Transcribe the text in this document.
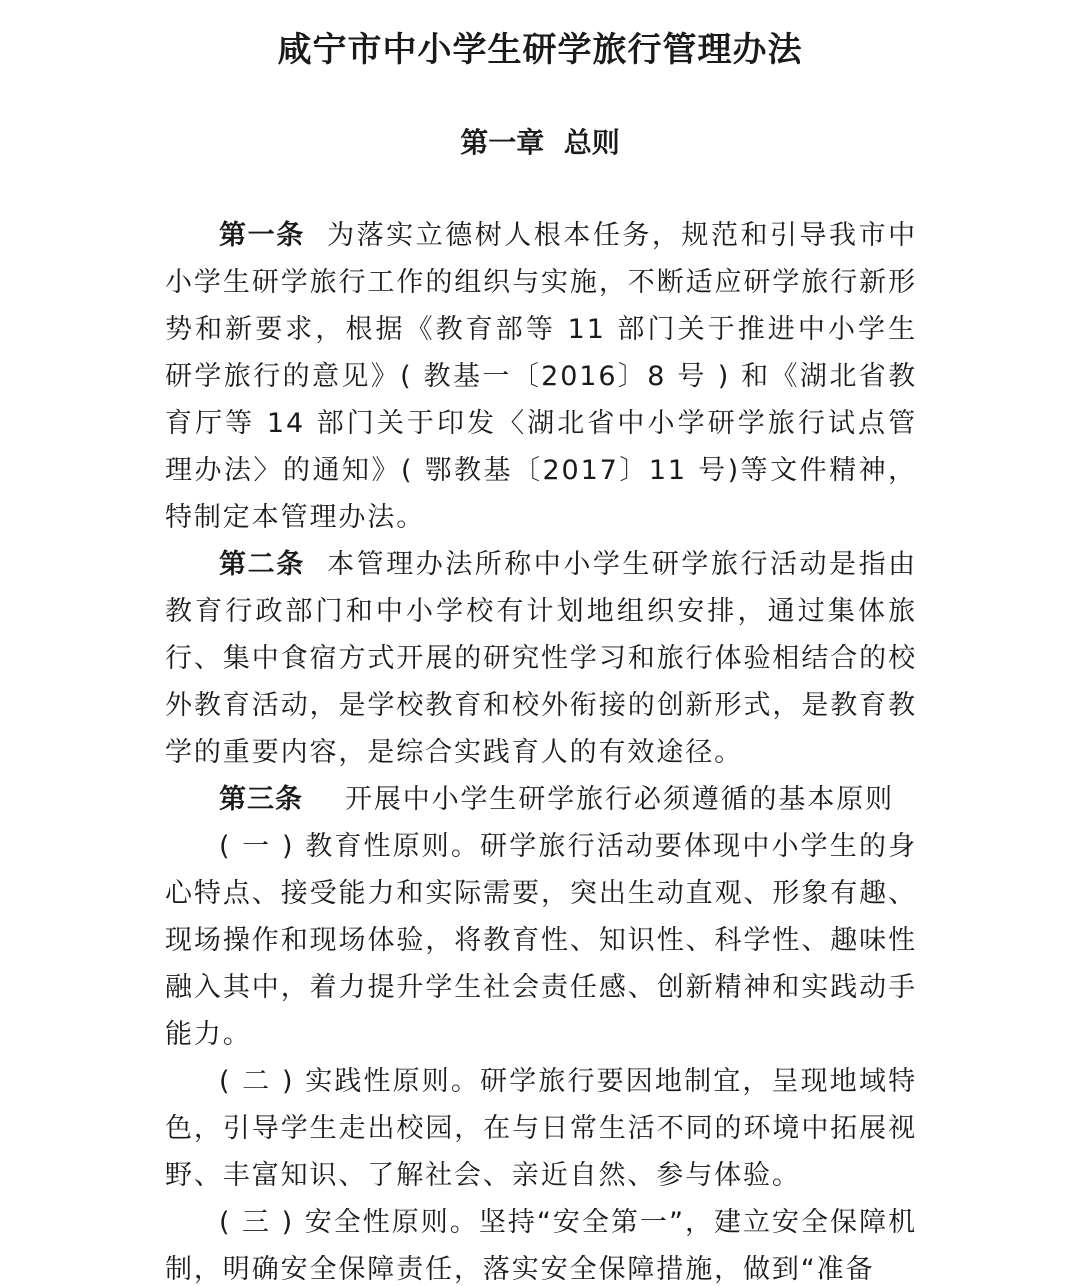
咸宁市中小学生研学旅行管理办法
第一章  总则

第一条 为落实立德树人根本任务，规范和引导我市中小学生研学旅行工作的组织与实施，不断适应研学旅行新形势和新要求，根据《教育部等 11 部门关于推进中小学生研学旅行的意见》( 教基一〔2016〕8 号 ) 和《湖北省教育厅等 14 部门关于印发〈湖北省中小学研学旅行试点管理办法〉的通知》( 鄂教基〔2017〕11 号)等文件精神，特制定本管理办法。

第二条 本管理办法所称中小学生研学旅行活动是指由教育行政部门和中小学校有计划地组织安排，通过集体旅行、集中食宿方式开展的研究性学习和旅行体验相结合的校外教育活动，是学校教育和校外衔接的创新形式，是教育教学的重要内容，是综合实践育人的有效途径。

第三条 开展中小学生研学旅行必须遵循的基本原则

( 一 ) 教育性原则。研学旅行活动要体现中小学生的身心特点、接受能力和实际需要，突出生动直观、形象有趣、现场操作和现场体验，将教育性、知识性、科学性、趣味性融入其中，着力提升学生社会责任感、创新精神和实践动手能力。

( 二 ) 实践性原则。研学旅行要因地制宜，呈现地域特色，引导学生走出校园，在与日常生活不同的环境中拓展视野、丰富知识、了解社会、亲近自然、参与体验。

( 三 ) 安全性原则。坚持“安全第一”，建立安全保障机制，明确安全保障责任，落实安全保障措施，做到“准备
